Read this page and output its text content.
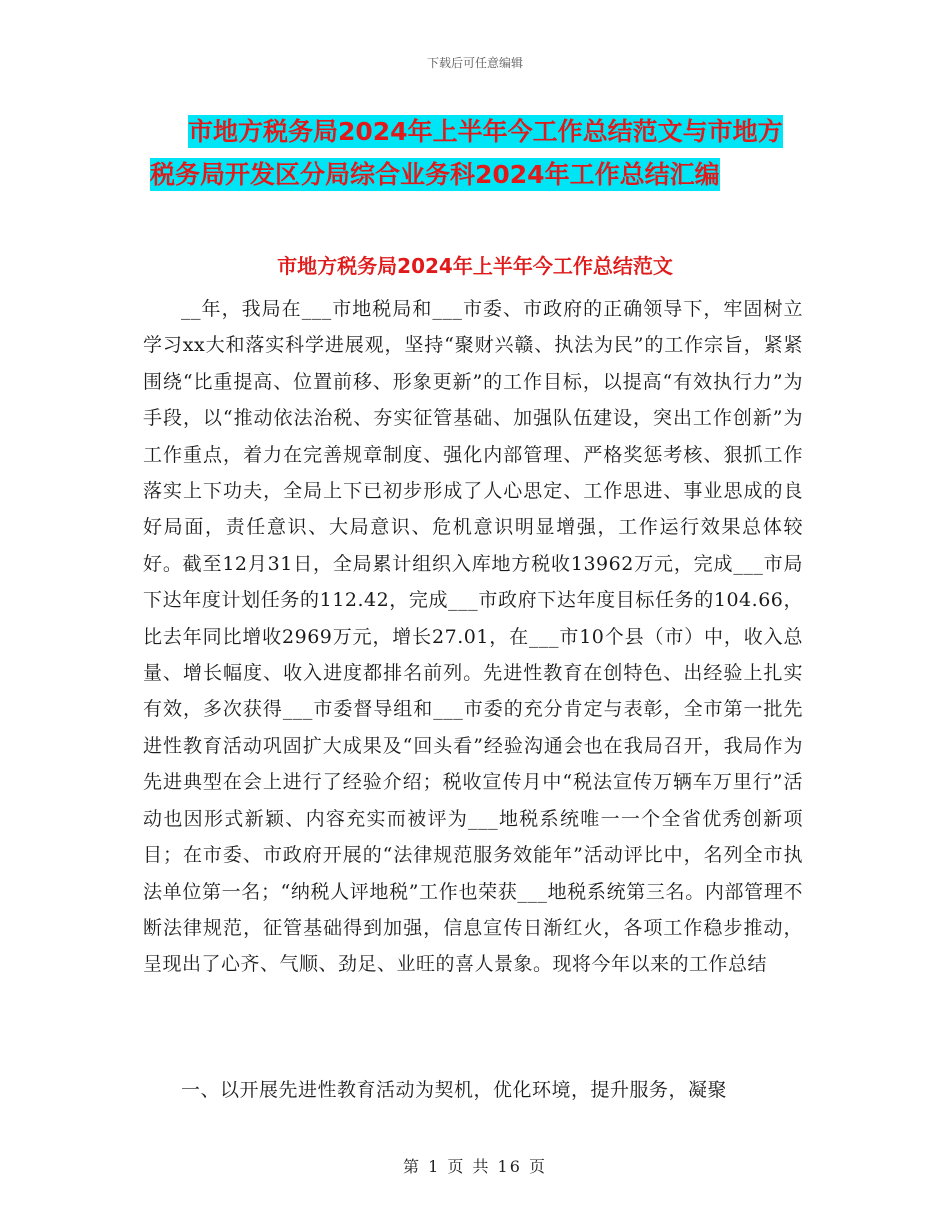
下载后可任意编辑
市地方税务局2024年上半年今工作总结范文与市地方
税务局开发区分局综合业务科2024年工作总结汇编
市地方税务局2024年上半年今工作总结范文
__年，我局在___市地税局和___市委、市政府的正确领导下，牢固树立学习xx大和落实科学进展观，坚持“聚财兴赣、执法为民”的工作宗旨，紧紧围绕“比重提高、位置前移、形象更新”的工作目标，以提高“有效执行力”为手段，以“推动依法治税、夯实征管基础、加强队伍建设，突出工作创新”为工作重点，着力在完善规章制度、强化内部管理、严格奖惩考核、狠抓工作落实上下功夫，全局上下已初步形成了人心思定、工作思进、事业思成的良好局面，责任意识、大局意识、危机意识明显增强，工作运行效果总体较好。截至12月31日，全局累计组织入库地方税收13962万元，完成___市局下达年度计划任务的112.42，完成___市政府下达年度目标任务的104.66，比去年同比增收2969万元，增长27.01，在___市10个县（市）中，收入总量、增长幅度、收入进度都排名前列。先进性教育在创特色、出经验上扎实有效，多次获得___市委督导组和___市委的充分肯定与表彰，全市第一批先进性教育活动巩固扩大成果及“回头看”经验沟通会也在我局召开，我局作为先进典型在会上进行了经验介绍；税收宣传月中“税法宣传万辆车万里行”活动也因形式新颖、内容充实而被评为___地税系统唯一一个全省优秀创新项目；在市委、市政府开展的“法律规范服务效能年”活动评比中，名列全市执法单位第一名；“纳税人评地税”工作也荣获___地税系统第三名。内部管理不断法律规范，征管基础得到加强，信息宣传日渐红火，各项工作稳步推动，呈现出了心齐、气顺、劲足、业旺的喜人景象。现将今年以来的工作总结
一、以开展先进性教育活动为契机，优化环境，提升服务，凝聚
第 1 页 共 16 页
